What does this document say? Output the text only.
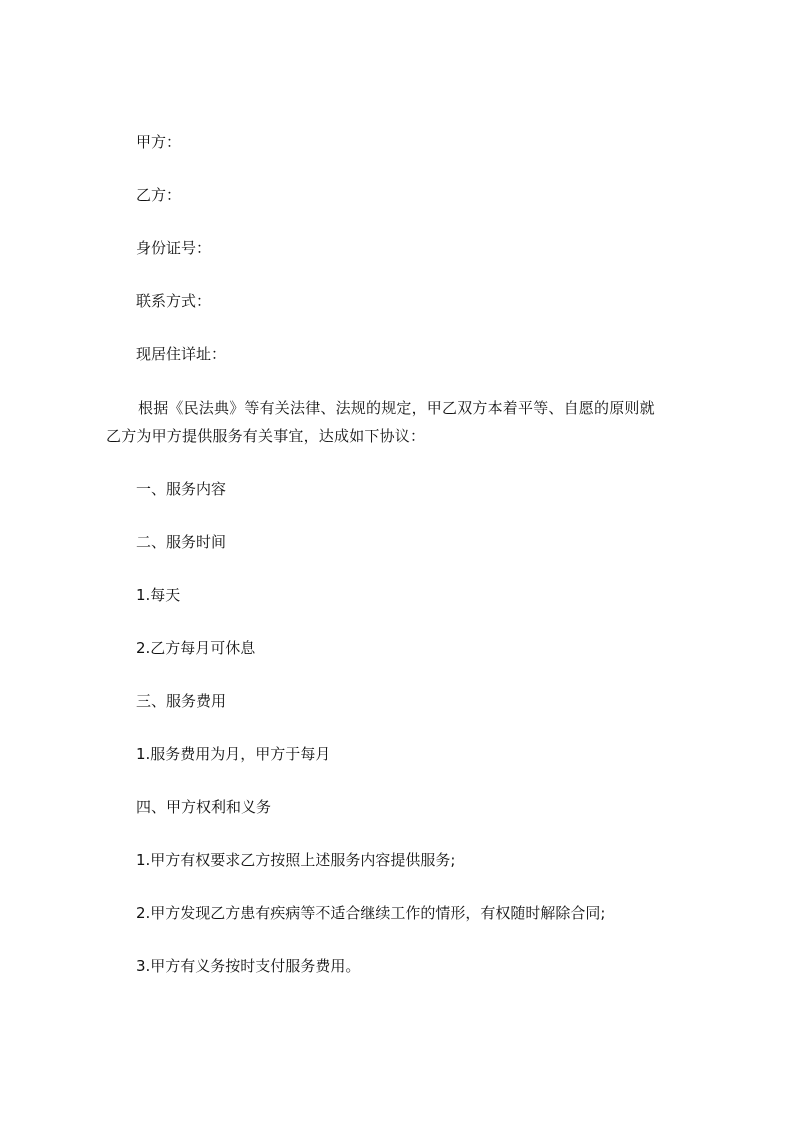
甲方：

乙方：

身份证号：

联系方式：

现居住详址：

根据《民法典》等有关法律、法规的规定，甲乙双方本着平等、自愿的原则就乙方为甲方提供服务有关事宜，达成如下协议：

一、服务内容

二、服务时间

1.每天

2.乙方每月可休息

三、服务费用

1.服务费用为月，甲方于每月

四、甲方权利和义务

1.甲方有权要求乙方按照上述服务内容提供服务;

2.甲方发现乙方患有疾病等不适合继续工作的情形，有权随时解除合同;

3.甲方有义务按时支付服务费用。
